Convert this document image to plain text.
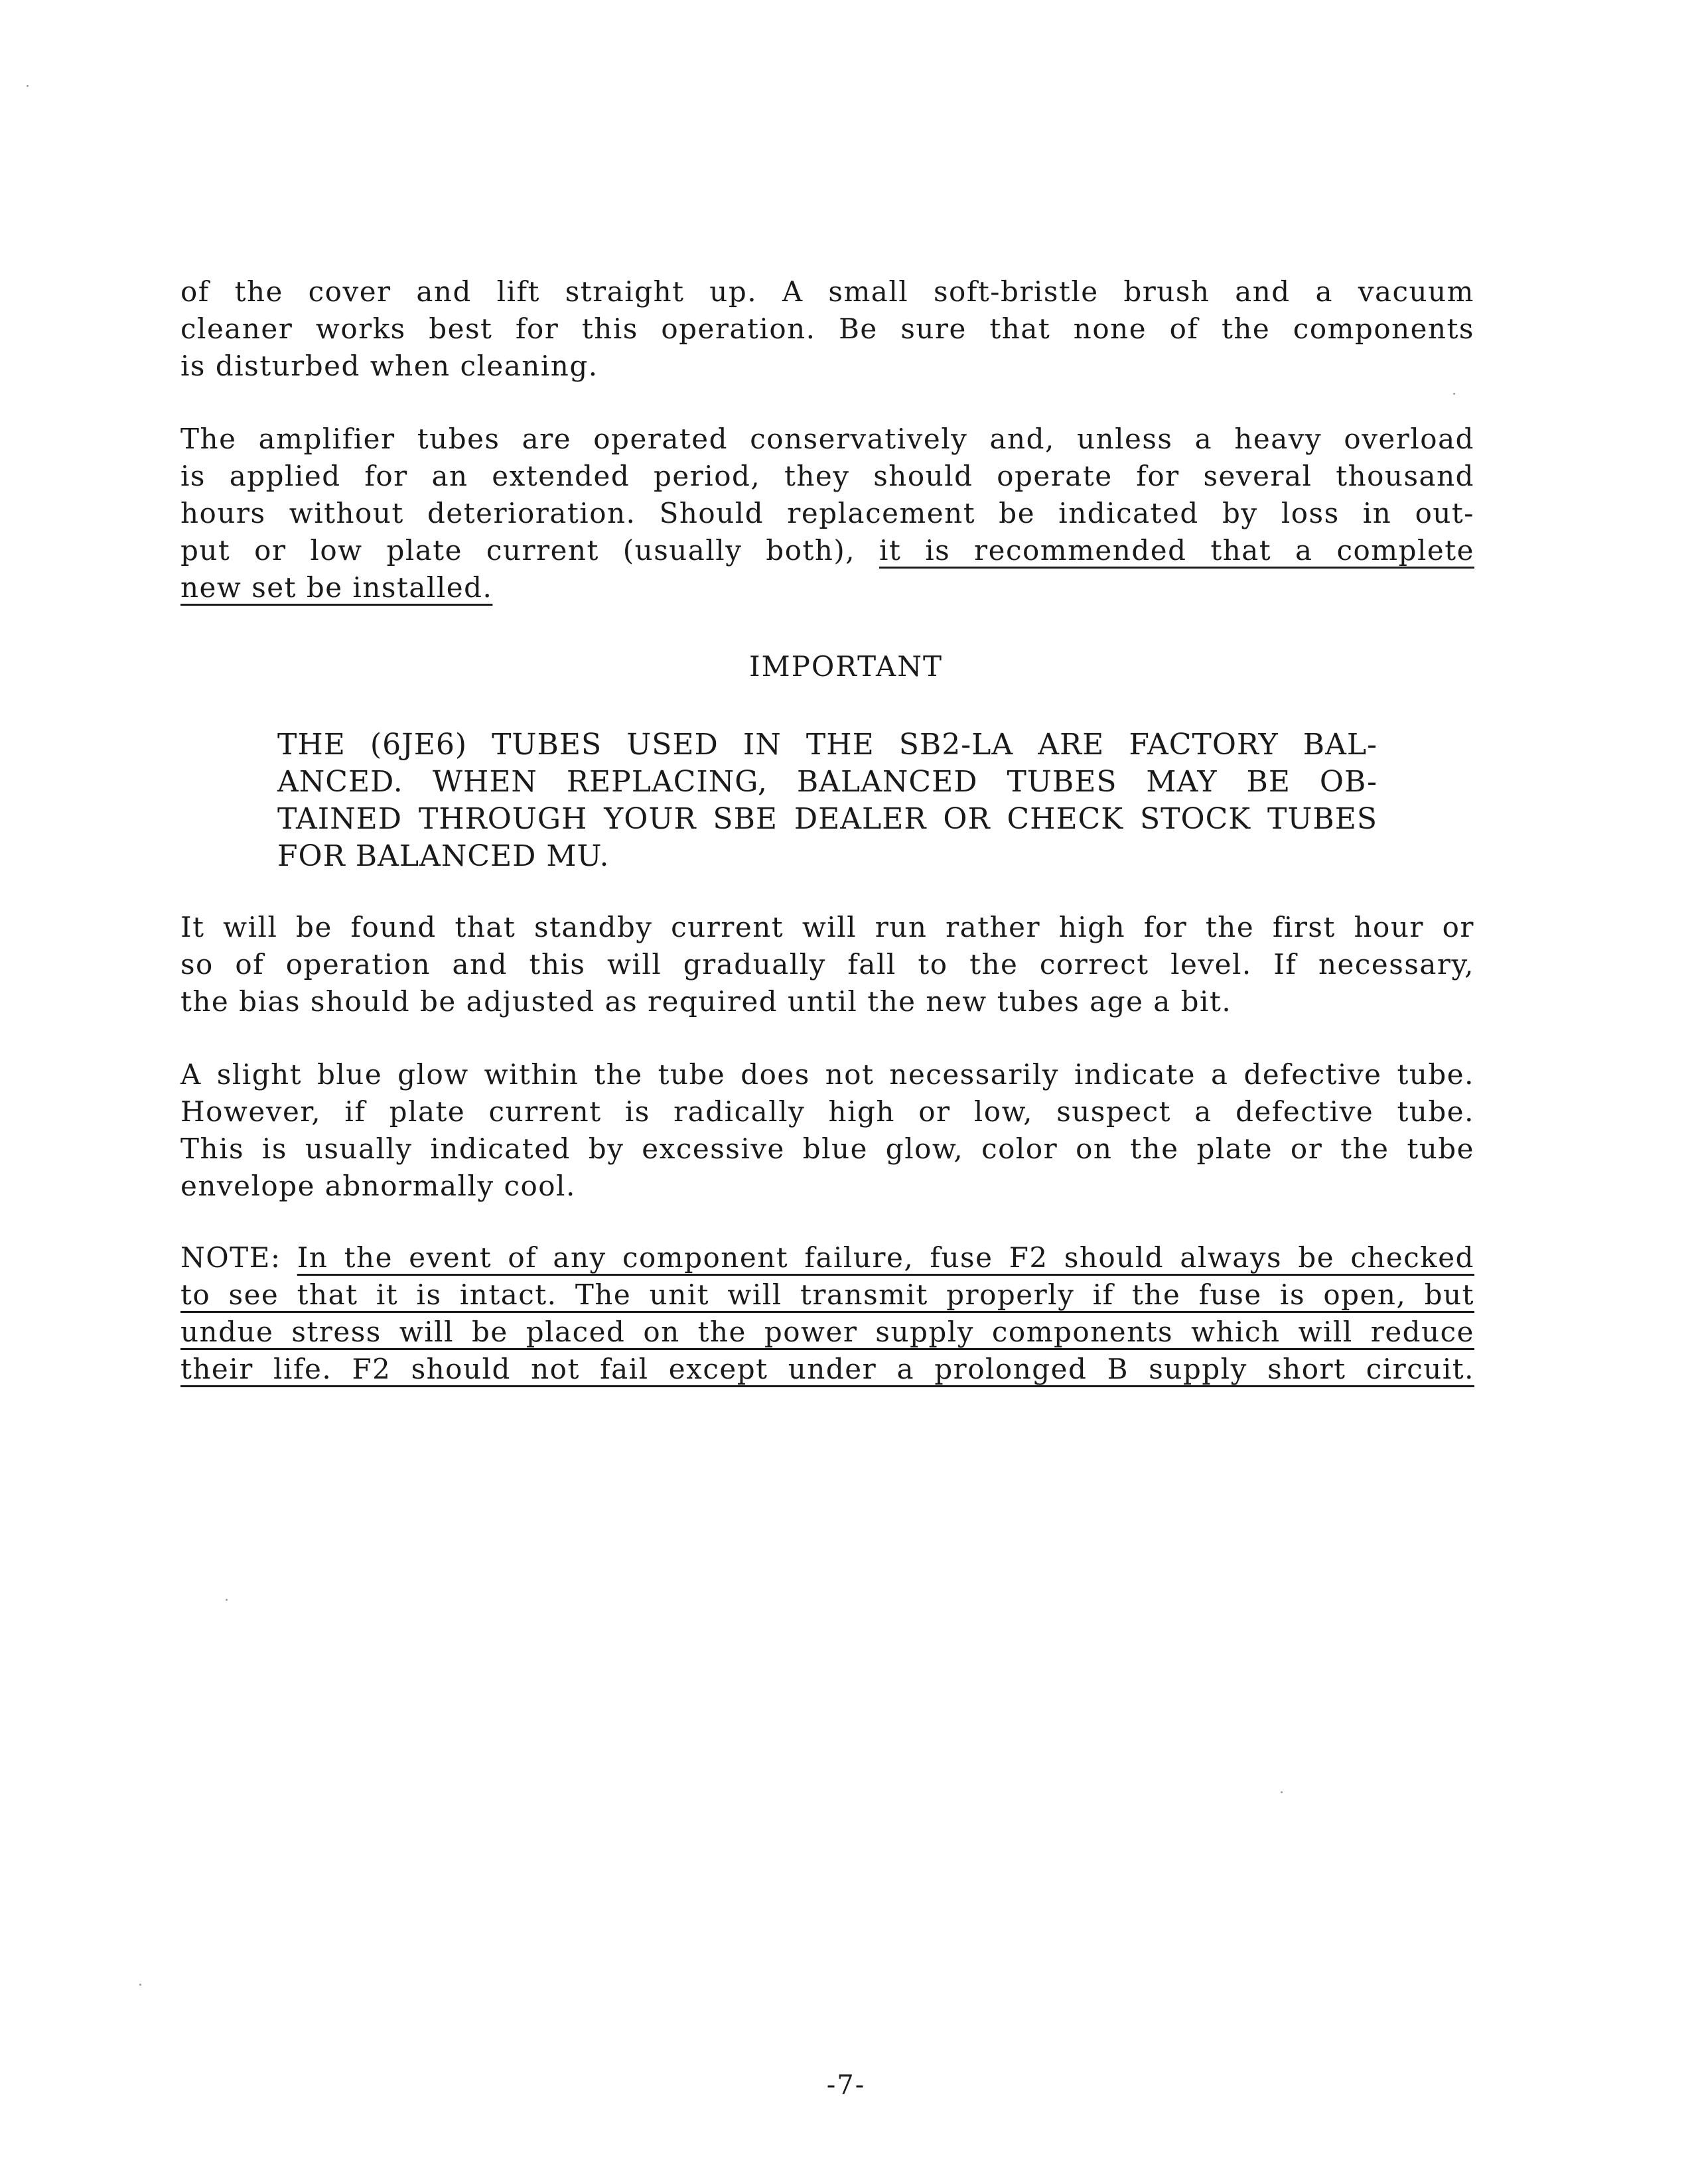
of the cover and lift straight up. A small soft-bristle brush and a vacuum
cleaner works best for this operation. Be sure that none of the components
is disturbed when cleaning.

The amplifier tubes are operated conservatively and, unless a heavy overload
is applied for an extended period, they should operate for several thousand
hours without deterioration. Should replacement be indicated by loss in out-
put or low plate current (usually both), it is recommended that a complete
new set be installed.

IMPORTANT
THE (6JE6) TUBES USED IN THE SB2-LA ARE FACTORY BAL-
ANCED. WHEN REPLACING, BALANCED TUBES MAY BE OB-
TAINED THROUGH YOUR SBE DEALER OR CHECK STOCK TUBES
FOR BALANCED MU.

It will be found that standby current will run rather high for the first hour or
so of operation and this will gradually fall to the correct level. If necessary,
the bias should be adjusted as required until the new tubes age a bit.

A slight blue glow within the tube does not necessarily indicate a defective tube.
However, if plate current is radically high or low, suspect a defective tube.
This is usually indicated by excessive blue glow, color on the plate or the tube
envelope abnormally cool.

NOTE: In the event of any component failure, fuse F2 should always be checked
to see that it is intact. The unit will transmit properly if the fuse is open, but
undue stress will be placed on the power supply components which will reduce
their life. F2 should not fail except under a prolonged B supply short circuit.

-7-
